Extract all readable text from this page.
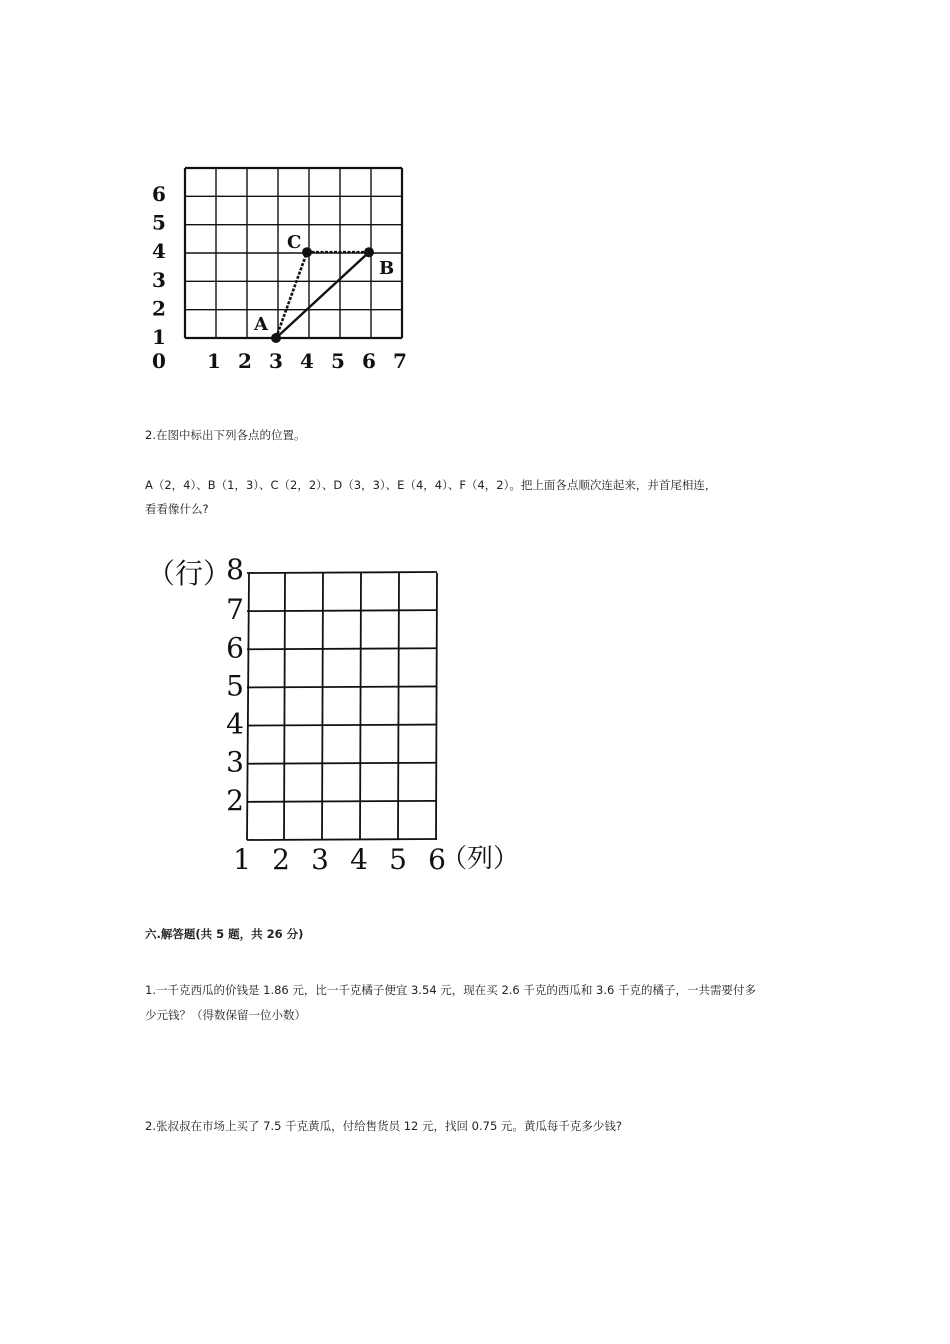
0
1
2
3
4
5
6
1 2 3 4 5 6 7
A
C
B
2.在图中标出下列各点的位置。
A（2，4）、B（1，3）、C（2，2）、D（3，3）、E（4，4）、F（4，2）。把上面各点顺次连起来，并首尾相连，
看看像什么?
（行）
8
7
6
5
4
3
2
1 2 3 4 5 6
（列）
六.解答题(共 5 题，共 26 分)
1.一千克西瓜的价钱是 1.86 元，比一千克橘子便宜 3.54 元，现在买 2.6 千克的西瓜和 3.6 千克的橘子，一共需要付多
少元钱？（得数保留一位小数）
2.张叔叔在市场上买了 7.5 千克黄瓜，付给售货员 12 元，找回 0.75 元。黄瓜每千克多少钱?
